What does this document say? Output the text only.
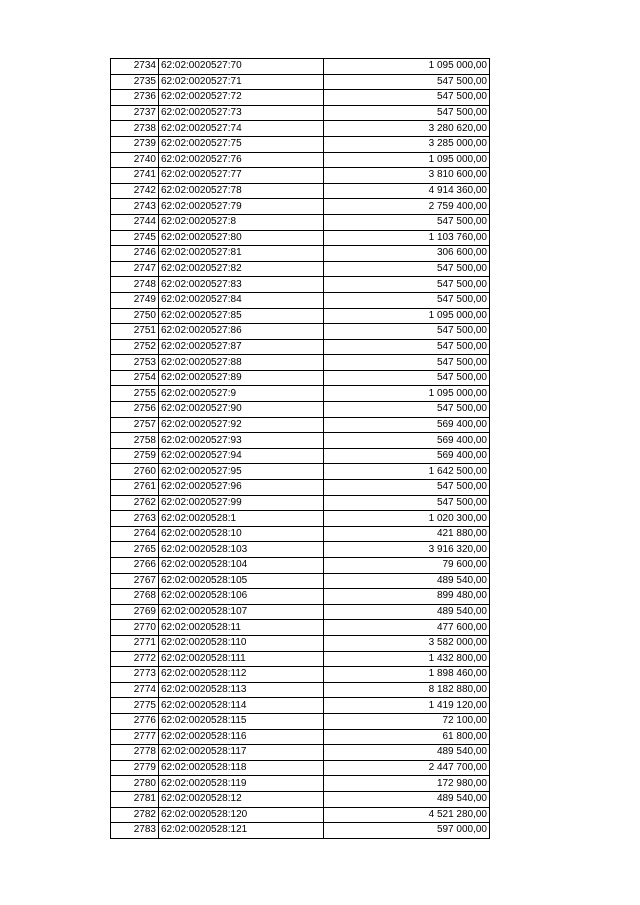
2734	62:02:0020527:70	1 095 000,00
2735	62:02:0020527:71	547 500,00
2736	62:02:0020527:72	547 500,00
2737	62:02:0020527:73	547 500,00
2738	62:02:0020527:74	3 280 620,00
2739	62:02:0020527:75	3 285 000,00
2740	62:02:0020527:76	1 095 000,00
2741	62:02:0020527:77	3 810 600,00
2742	62:02:0020527:78	4 914 360,00
2743	62:02:0020527:79	2 759 400,00
2744	62:02:0020527:8	547 500,00
2745	62:02:0020527:80	1 103 760,00
2746	62:02:0020527:81	306 600,00
2747	62:02:0020527:82	547 500,00
2748	62:02:0020527:83	547 500,00
2749	62:02:0020527:84	547 500,00
2750	62:02:0020527:85	1 095 000,00
2751	62:02:0020527:86	547 500,00
2752	62:02:0020527:87	547 500,00
2753	62:02:0020527:88	547 500,00
2754	62:02:0020527:89	547 500,00
2755	62:02:0020527:9	1 095 000,00
2756	62:02:0020527:90	547 500,00
2757	62:02:0020527:92	569 400,00
2758	62:02:0020527:93	569 400,00
2759	62:02:0020527:94	569 400,00
2760	62:02:0020527:95	1 642 500,00
2761	62:02:0020527:96	547 500,00
2762	62:02:0020527:99	547 500,00
2763	62:02:0020528:1	1 020 300,00
2764	62:02:0020528:10	421 880,00
2765	62:02:0020528:103	3 916 320,00
2766	62:02:0020528:104	79 600,00
2767	62:02:0020528:105	489 540,00
2768	62:02:0020528:106	899 480,00
2769	62:02:0020528:107	489 540,00
2770	62:02:0020528:11	477 600,00
2771	62:02:0020528:110	3 582 000,00
2772	62:02:0020528:111	1 432 800,00
2773	62:02:0020528:112	1 898 460,00
2774	62:02:0020528:113	8 182 880,00
2775	62:02:0020528:114	1 419 120,00
2776	62:02:0020528:115	72 100,00
2777	62:02:0020528:116	61 800,00
2778	62:02:0020528:117	489 540,00
2779	62:02:0020528:118	2 447 700,00
2780	62:02:0020528:119	172 980,00
2781	62:02:0020528:12	489 540,00
2782	62:02:0020528:120	4 521 280,00
2783	62:02:0020528:121	597 000,00
